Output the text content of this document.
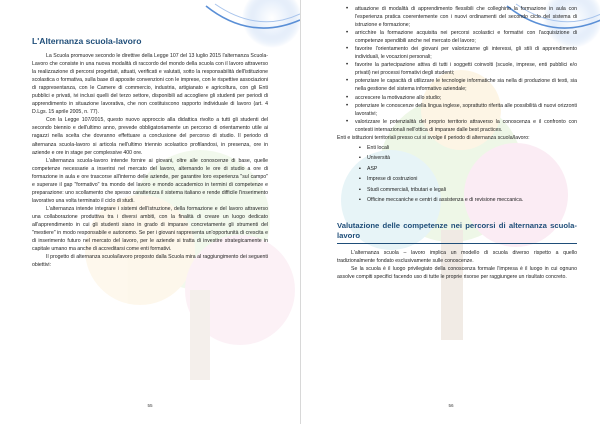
L'Alternanza scuola-lavoro

La Scuola promuove secondo le direttive della Legge 107 del 13 luglio 2015 l'alternanza Scuola-Lavoro che consiste in una nuova modalità di raccordo del mondo della scuola con il lavoro attraverso la realizzazione di percorsi progettati, attuati, verificati e valutati, sotto la responsabilità dell'istituzione scolastica o formativa, sulla base di apposite convenzioni con le imprese, con le rispettive associazioni di rappresentanza, con le Camere di commercio, industria, artigianato e agricoltura, con gli Enti pubblici e privati, ivi inclusi quelli del terzo settore, disponibili ad accogliere gli studenti per periodi di apprendimento in situazione lavorativa, che non costituiscono rapporto individuale di lavoro (art. 4 D.Lgs. 15 aprile 2005, n. 77).

Con la Legge 107/2015, questo nuovo approccio alla didattica rivolto a tutti gli studenti del secondo biennio e dell'ultimo anno, prevede obbligatoriamente un percorso di orientamento utile ai ragazzi nella scelta che dovranno effettuare a conclusione del percorso di studio. Il periodo di alternanza scuola-lavoro si articola nell'ultimo triennio scolastico profilandosi, in presenza, ore in aziende e ore in stage per complessive 400 ore.

L'alternanza scuola-lavoro intende fornire ai giovani, oltre alle conoscenze di base, quelle competenze necessarie a inserirsi nel mercato del lavoro, alternando le ore di studio a ore di formazione in aula e ore trascorse all'interno delle aziende, per garantire loro esperienza "sul campo" e superare il gap "formativo" tra mondo del lavoro e mondo accademico in termini di competenze e preparazione: uno scollamento che spesso caratterizza il sistema italiano e rende difficile l'inserimento lavorativo una volta terminato il ciclo di studi.

L'alternanza intende integrare i sistemi dell'istruzione, della formazione e del lavoro attraverso una collaborazione produttiva tra i diversi ambiti, con la finalità di creare un luogo dedicato all'apprendimento in cui gli studenti siano in grado di imparare concretamente gli strumenti del "mestiere" in modo responsabile e autonomo. Se per i giovani rappresenta un'opportunità di crescita e di inserimento futuro nel mercato del lavoro, per le aziende si tratta di investire strategicamente in capitale umano ma anche di accreditarsi come enti formativi.

Il progetto di alternanza scuola/lavoro proposto dalla Scuola mira al raggiungimento dei seguenti obiettivi:

55
• attuazione di modalità di apprendimento flessibili che colleghino la formazione in aula con l'esperienza pratica coerentemente con i nuovi ordinamenti del secondo ciclo del sistema di istruzione e formazione;
• arricchire la formazione acquisita nei percorsi scolastici e formativi con l'acquisizione di competenze spendibili anche nel mercato del lavoro;
• favorire l'orientamento dei giovani per valorizzarne gli interessi, gli stili di apprendimento individuali, le vocazioni personali;
• favorire la partecipazione attiva di tutti i soggetti coinvolti (scuole, imprese, enti pubblici e/o privati) nei processi formativi degli studenti;
• potenziare le capacità di utilizzare le tecnologie informatiche sia nella di produzione di testi, sia nella gestione del sistema informativo aziendale;
• accrescere la motivazione allo studio;
• potenziare le conoscenze della lingua inglese, soprattutto riferita alle possibilità di nuovi orizzonti lavorativi;
• valorizzare le potenzialità del proprio territorio attraverso la conoscenza e il confronto con contesti internazionali nell'ottica di imparare dalle best practices.

Enti e istituzioni territoriali presso cui si svolge il periodo di alternanza scuola/lavoro:

▪ Enti locali
▪ Università
▪ ASP
▪ Imprese di costruzioni
▪ Studi commerciali, tributari e legali
▪ Officine meccaniche e centri di assistenza e di revisione meccanica.
Valutazione delle competenze nei percorsi di alternanza scuola-lavoro

L'alternanza scuola – lavoro implica un modello di scuola diverso rispetto a quello tradizionalmente fondato esclusivamente sulle conoscenze.

Se la scuola è il luogo privilegiato della conoscenza formale l'impresa è il luogo in cui ognuno assolve compiti specifici facendo uso di tutte le proprie risorse per raggiungere un risultato concreto.

56
